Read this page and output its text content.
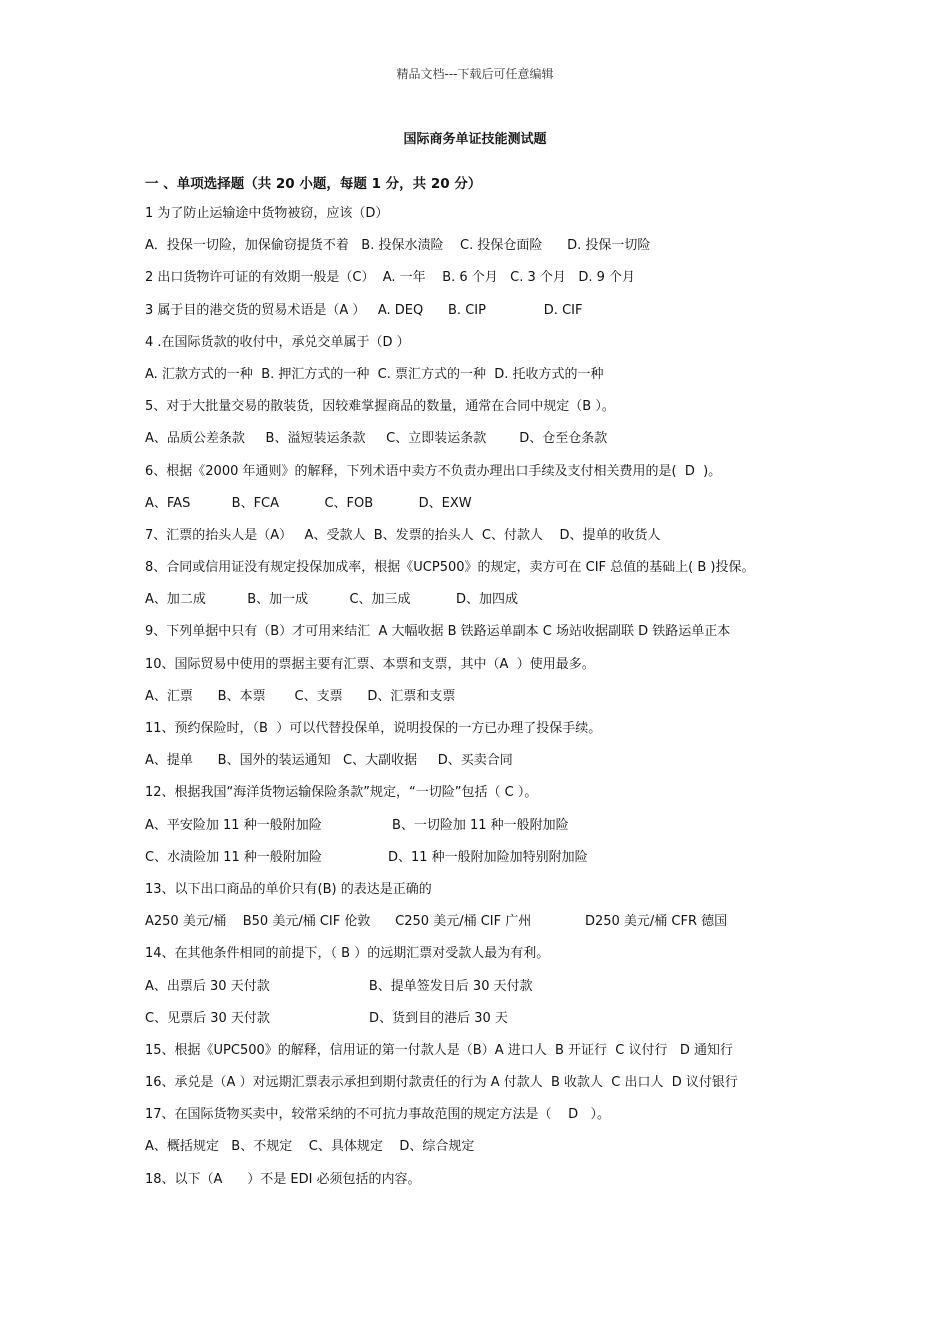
精品文档---下载后可任意编辑
国际商务单证技能测试题
一 、单项选择题（共 20 小题，每题 1 分，共 20 分）
1 为了防止运输途中货物被窃，应该（D）
A．投保一切险，加保偷窃提货不着   B. 投保水渍险    C. 投保仓面险      D. 投保一切险
2 出口货物许可证的有效期一般是（C）  A. 一年    B. 6 个月   C. 3 个月   D. 9 个月
3 属于目的港交货的贸易术语是（A ）   A. DEQ      B. CIP              D. CIF
4 .在国际货款的收付中，承兑交单属于（D ）
A. 汇款方式的一种  B. 押汇方式的一种  C. 票汇方式的一种  D. 托收方式的一种
5、对于大批量交易的散装货，因较难掌握商品的数量，通常在合同中规定（B ）。
A、品质公差条款     B、溢短装运条款     C、立即装运条款        D、仓至仓条款
6、根据《2000 年通则》的解释，下列术语中卖方不负责办理出口手续及支付相关费用的是(  D  )。
A、FAS          B、FCA           C、FOB           D、EXW
7、汇票的抬头人是（A）   A、受款人  B、发票的抬头人  C、付款人    D、提单的收货人
8、合同或信用证没有规定投保加成率，根据《UCP500》的规定，卖方可在 CIF 总值的基础上( B )投保。
A、加二成          B、加一成          C、加三成           D、加四成
9、下列单据中只有（B）才可用来结汇  A 大幅收据 B 铁路运单副本 C 场站收据副联 D 铁路运单正本
10、国际贸易中使用的票据主要有汇票、本票和支票，其中（A  ）使用最多。
A、汇票      B、本票       C、支票      D、汇票和支票
11、预约保险时，（B  ）可以代替投保单，说明投保的一方已办理了投保手续。
A、提单      B、国外的装运通知   C、大副收据     D、买卖合同
12、根据我国“海洋货物运输保险条款”规定，“一切险”包括（ C ）。
A、平安险加 11 种一般附加险                 B、一切险加 11 种一般附加险
C、水渍险加 11 种一般附加险                D、11 种一般附加险加特别附加险
13、以下出口商品的单价只有(B) 的表达是正确的
A250 美元/桶    B50 美元/桶 CIF 伦敦      C250 美元/桶 CIF 广州             D250 美元/桶 CFR 德国
14、在其他条件相同的前提下，（ B ）的远期汇票对受款人最为有利。
A、出票后 30 天付款                        B、提单签发日后 30 天付款
C、见票后 30 天付款                        D、货到目的港后 30 天
15、根据《UPC500》的解释，信用证的第一付款人是（B）A 进口人  B 开证行  C 议付行   D 通知行
16、承兑是（A ）对远期汇票表示承担到期付款责任的行为 A 付款人  B 收款人  C 出口人  D 议付银行
17、在国际货物买卖中，较常采纳的不可抗力事故范围的规定方法是（    D   ）。
A、概括规定   B、不规定    C、具体规定    D、综合规定
18、以下（A      ）不是 EDI 必须包括的内容。
